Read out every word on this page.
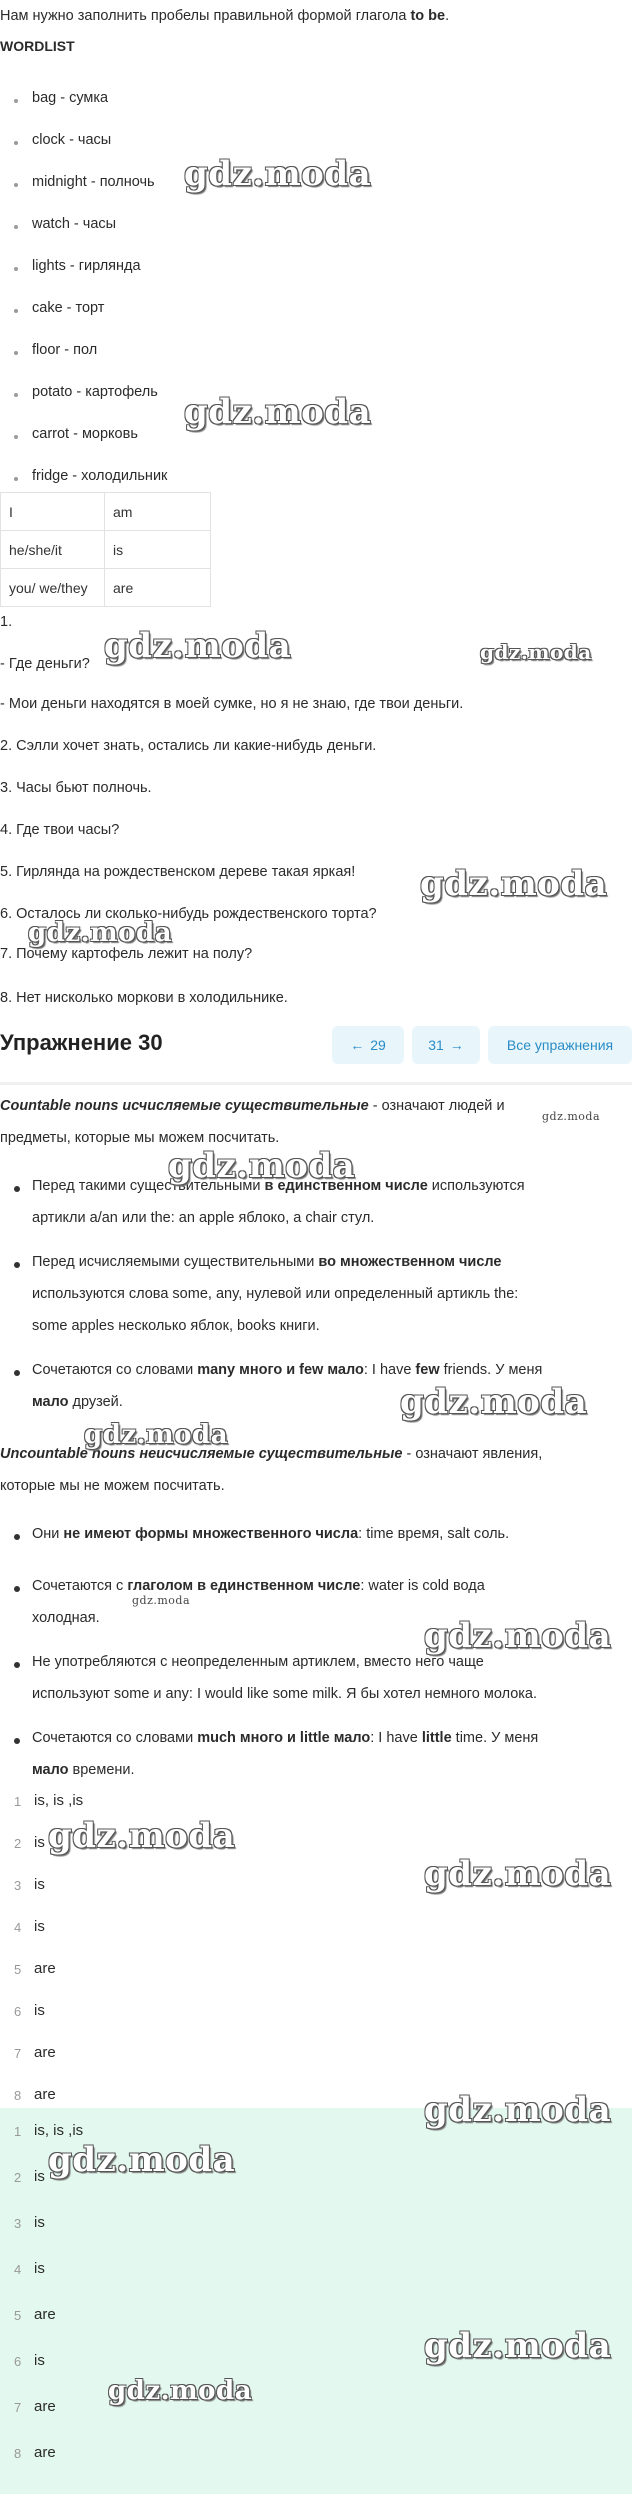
Нам нужно заполнить пробелы правильной формой глагола to be.
WORDLIST
bag - сумка
clock - часы
midnight - полночь
watch - часы
lights - гирлянда
cake - торт
floor - пол
potato - картофель
carrot - морковь
fridge - холодильник
I	am
he/she/it	is
you/ we/they	are
1.
- Где деньги?
- Мои деньги находятся в моей сумке, но я не знаю, где твои деньги.
2. Сэлли хочет знать, остались ли какие-нибудь деньги.
3. Часы бьют полночь.
4. Где твои часы?
5. Гирлянда на рождественском дереве такая яркая!
6. Осталось ли сколько-нибудь рождественского торта?
7. Почему картофель лежит на полу?
8. Нет нисколько моркови в холодильнике.
Упражнение 30	← 29	31 →	Все упражнения
Countable nouns исчисляемые существительные - означают людей и
предметы, которые мы можем посчитать.
Перед такими существительными в единственном числе используются
артикли a/an или the: an apple яблоко, a chair стул.
Перед исчисляемыми существительными во множественном числе
используются слова some, any, нулевой или определенный артикль the:
some apples несколько яблок, books книги.
Сочетаются со словами many много и few мало: I have few friends. У меня
мало друзей.
Uncountable nouns неисчисляемые существительные - означают явления,
которые мы не можем посчитать.
Они не имеют формы множественного числа: time время, salt соль.
Сочетаются с глаголом в единственном числе: water is cold вода
холодная.
Не употребляются с неопределенным артиклем, вместо него чаще
используют some и any: I would like some milk. Я бы хотел немного молока.
Сочетаются со словами much много и little мало: I have little time. У меня
мало времени.
1 is, is ,is
2 is
3 is
4 is
5 are
6 is
7 are
8 are
1 is, is ,is
2 is
3 is
4 is
5 are
6 is
7 are
8 are
gdz.moda
gdz.moda
gdz.moda	gdz.moda
gdz.moda
gdz.moda
gdz.moda
gdz.moda
gdz.moda
gdz.moda
gdz.moda
gdz.moda
gdz.moda
gdz.moda
gdz.moda
gdz.moda
gdz.moda
gdz.moda
